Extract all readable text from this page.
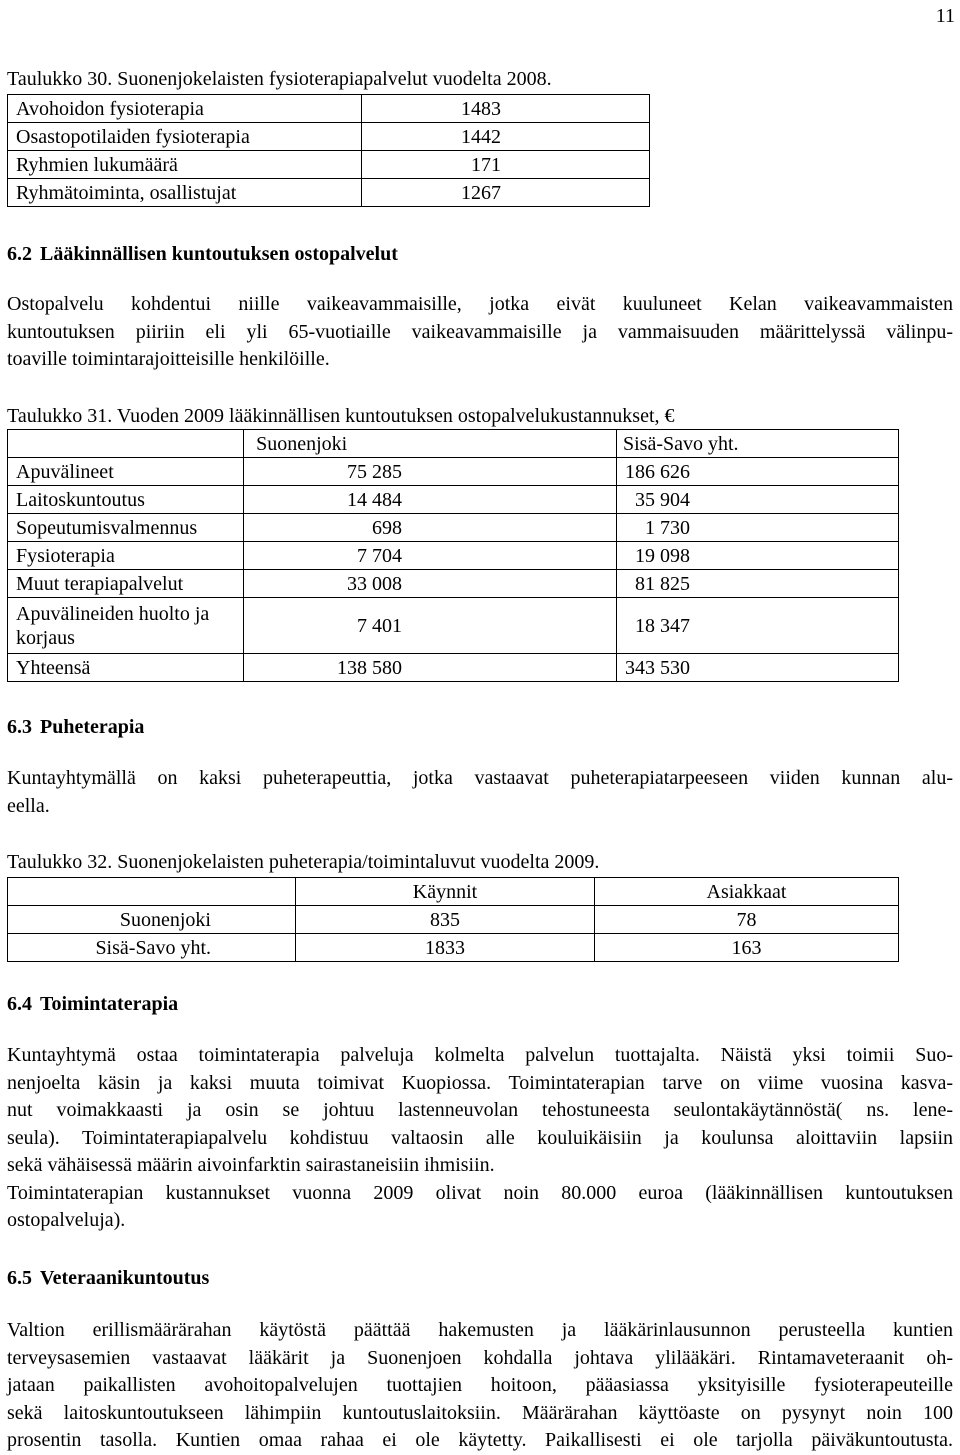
11
Taulukko 30. Suonenjokelaisten fysioterapiapalvelut vuodelta 2008.
Avohoidon fysioterapia	1483
Osastopotilaiden fysioterapia	1442
Ryhmien lukumäärä	171
Ryhmätoiminta, osallistujat	1267
6.2 Lääkinnällisen kuntoutuksen ostopalvelut
Ostopalvelu kohdentui niille vaikeavammaisille, jotka eivät kuuluneet Kelan vaikeavammaisten
kuntoutuksen piiriin eli yli 65-vuotiaille vaikeavammaisille ja vammaisuuden määrittelyssä välinpu-
toaville toimintarajoitteisille henkilöille.
Taulukko 31. Vuoden 2009 lääkinnällisen kuntoutuksen ostopalvelukustannukset, €
	Suonenjoki	Sisä-Savo yht.
Apuvälineet	75 285	186 626
Laitoskuntoutus	14 484	35 904
Sopeutumisvalmennus	698	1 730
Fysioterapia	7 704	19 098
Muut terapiapalvelut	33 008	81 825

Apuvälineiden huolto ja
korjaus	7 401	18 347
Yhteensä	138 580	343 530
6.3 Puheterapia
Kuntayhtymällä on kaksi puheterapeuttia, jotka vastaavat puheterapiatarpeeseen viiden kunnan alu-
eella.
Taulukko 32. Suonenjokelaisten puheterapia/toimintaluvut vuodelta 2009.
	Käynnit	Asiakkaat
Suonenjoki	835	78
Sisä-Savo yht.	1833	163
6.4 Toimintaterapia
Kuntayhtymä ostaa toimintaterapia palveluja kolmelta palvelun tuottajalta. Näistä yksi toimii Suo-
nenjoelta käsin ja kaksi muuta toimivat Kuopiossa. Toimintaterapian tarve on viime vuosina kasva-
nut voimakkaasti ja osin se johtuu lastenneuvolan tehostuneesta seulontakäytännöstä( ns. lene-
seula). Toimintaterapiapalvelu kohdistuu valtaosin alle kouluikäisiin ja koulunsa aloittaviin lapsiin
sekä vähäisessä määrin aivoinfarktin sairastaneisiin ihmisiin.
Toimintaterapian kustannukset vuonna 2009 olivat noin 80.000 euroa (lääkinnällisen kuntoutuksen
ostopalveluja).
6.5 Veteraanikuntoutus
Valtion erillismäärärahan käytöstä päättää hakemusten ja lääkärinlausunnon perusteella kuntien
terveysasemien vastaavat lääkärit ja Suonenjoen kohdalla johtava ylilääkäri. Rintamaveteraanit oh-
jataan paikallisten avohoitopalvelujen tuottajien hoitoon, pääasiassa yksityisille fysioterapeuteille
sekä laitoskuntoutukseen lähimpiin kuntoutuslaitoksiin. Määrärahan käyttöaste on pysynyt noin 100
prosentin tasolla. Kuntien omaa rahaa ei ole käytetty. Paikallisesti ei ole tarjolla päiväkuntoutusta.
